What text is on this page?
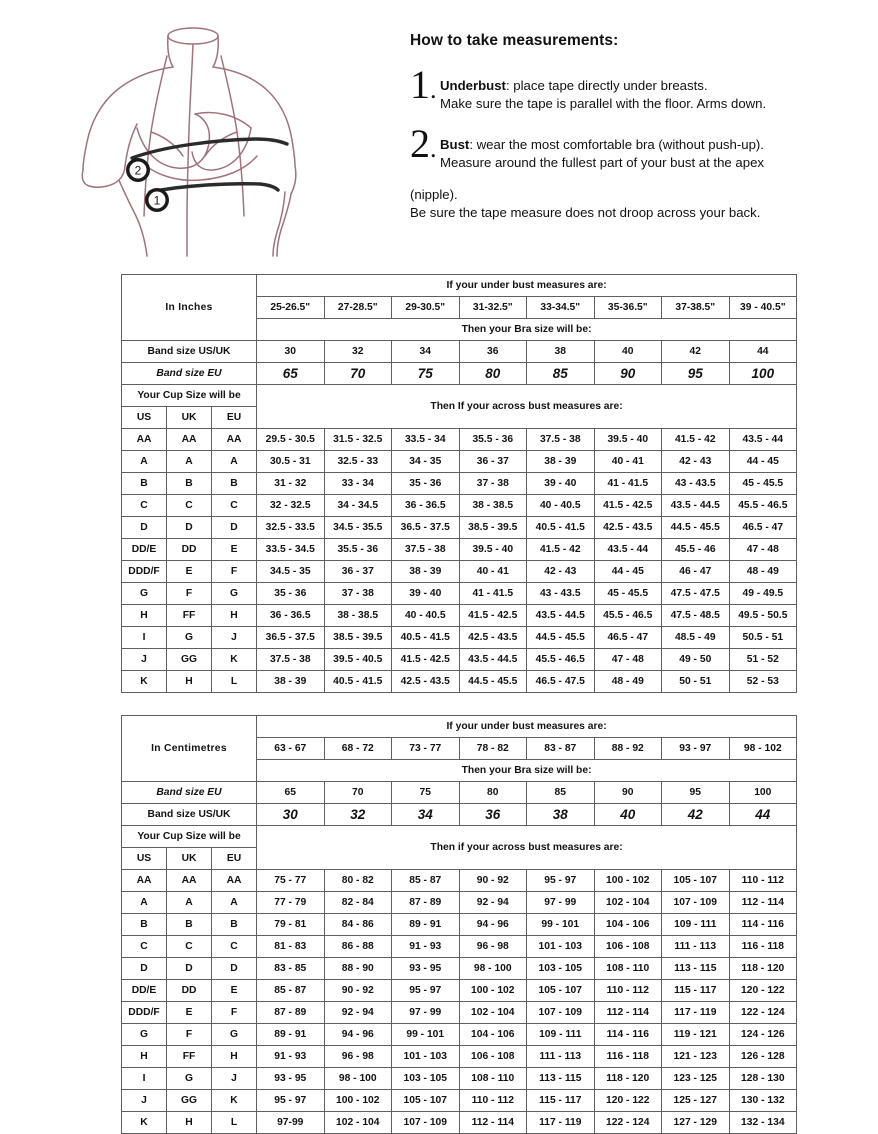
2
1
How to take measurements:
1. Underbust: place tape directly under breasts.
Make sure the tape is parallel with the floor. Arms down.
2. Bust: wear the most comfortable bra (without push-up).
Measure around the fullest part of your bust at the apex
(nipple).
Be sure the tape measure does not droop across your back.
In Inches			If your under bust measures are:							
			25-26.5"	27-28.5"	29-30.5"	31-32.5"	33-34.5"	35-36.5"	37-38.5"	39 - 40.5"
			Then your Bra size will be:							
Band size US/UK			30	32	34	36	38	40	42	44
Band size EU			65	70	75	80	85	90	95	100
Your Cup Size will be			Then If your across bust measures are:							
US	UK	EU								
AA	AA	AA	29.5 - 30.5	31.5 - 32.5	33.5 - 34	35.5 - 36	37.5 - 38	39.5 - 40	41.5 - 42	43.5 - 44
A	A	A	30.5 - 31	32.5 - 33	34 - 35	36 - 37	38 - 39	40 - 41	42 - 43	44 - 45
B	B	B	31 - 32	33 - 34	35 - 36	37 - 38	39 - 40	41 - 41.5	43 - 43.5	45 - 45.5
C	C	C	32 - 32.5	34 - 34.5	36 - 36.5	38 - 38.5	40 - 40.5	41.5 - 42.5	43.5 - 44.5	45.5 - 46.5
D	D	D	32.5 - 33.5	34.5 - 35.5	36.5 - 37.5	38.5 - 39.5	40.5 - 41.5	42.5 - 43.5	44.5 - 45.5	46.5 - 47
DD/E	DD	E	33.5 - 34.5	35.5 - 36	37.5 - 38	39.5 - 40	41.5 - 42	43.5 - 44	45.5 - 46	47 - 48
DDD/F	E	F	34.5 - 35	36 - 37	38 - 39	40 - 41	42 - 43	44 - 45	46 - 47	48 - 49
G	F	G	35 - 36	37 - 38	39 - 40	41 - 41.5	43 - 43.5	45 - 45.5	47.5 - 47.5	49 - 49.5
H	FF	H	36 - 36.5	38 - 38.5	40 - 40.5	41.5 - 42.5	43.5 - 44.5	45.5 - 46.5	47.5 - 48.5	49.5 - 50.5
I	G	J	36.5 - 37.5	38.5 - 39.5	40.5 - 41.5	42.5 - 43.5	44.5 - 45.5	46.5 - 47	48.5 - 49	50.5 - 51
J	GG	K	37.5 - 38	39.5 - 40.5	41.5 - 42.5	43.5 - 44.5	45.5 - 46.5	47 - 48	49 - 50	51 - 52
K	H	L	38 - 39	40.5 - 41.5	42.5 - 43.5	44.5 - 45.5	46.5 - 47.5	48 - 49	50 - 51	52 - 53
In Centimetres			If your under bust measures are:							
			63 - 67	68 - 72	73 - 77	78 - 82	83 - 87	88 - 92	93 - 97	98 - 102
			Then your Bra size will be:							
Band size EU			65	70	75	80	85	90	95	100
Band size US/UK			30	32	34	36	38	40	42	44
Your Cup Size will be			Then if your across bust measures are:							
US	UK	EU								
AA	AA	AA	75 - 77	80 - 82	85 - 87	90 - 92	95 - 97	100 - 102	105 - 107	110 - 112
A	A	A	77 - 79	82 - 84	87 - 89	92 - 94	97 - 99	102 - 104	107 - 109	112 - 114
B	B	B	79 - 81	84 - 86	89 - 91	94 - 96	99 - 101	104 - 106	109 - 111	114 - 116
C	C	C	81 - 83	86 - 88	91 - 93	96 - 98	101 - 103	106 - 108	111 - 113	116 - 118
D	D	D	83 - 85	88 - 90	93 - 95	98 - 100	103 - 105	108 - 110	113 - 115	118 - 120
DD/E	DD	E	85 - 87	90 - 92	95 - 97	100 - 102	105 - 107	110 - 112	115 - 117	120 - 122
DDD/F	E	F	87 - 89	92 - 94	97 - 99	102 - 104	107 - 109	112 - 114	117 - 119	122 - 124
G	F	G	89 - 91	94 - 96	99 - 101	104 - 106	109 - 111	114 - 116	119 - 121	124 - 126
H	FF	H	91 - 93	96 - 98	101 - 103	106 - 108	111 - 113	116 - 118	121 - 123	126 - 128
I	G	J	93 - 95	98 - 100	103 - 105	108 - 110	113 - 115	118 - 120	123 - 125	128 - 130
J	GG	K	95 - 97	100 - 102	105 - 107	110 - 112	115 - 117	120 - 122	125 - 127	130 - 132
K	H	L	97-99	102 - 104	107 - 109	112 - 114	117 - 119	122 - 124	127 - 129	132 - 134
